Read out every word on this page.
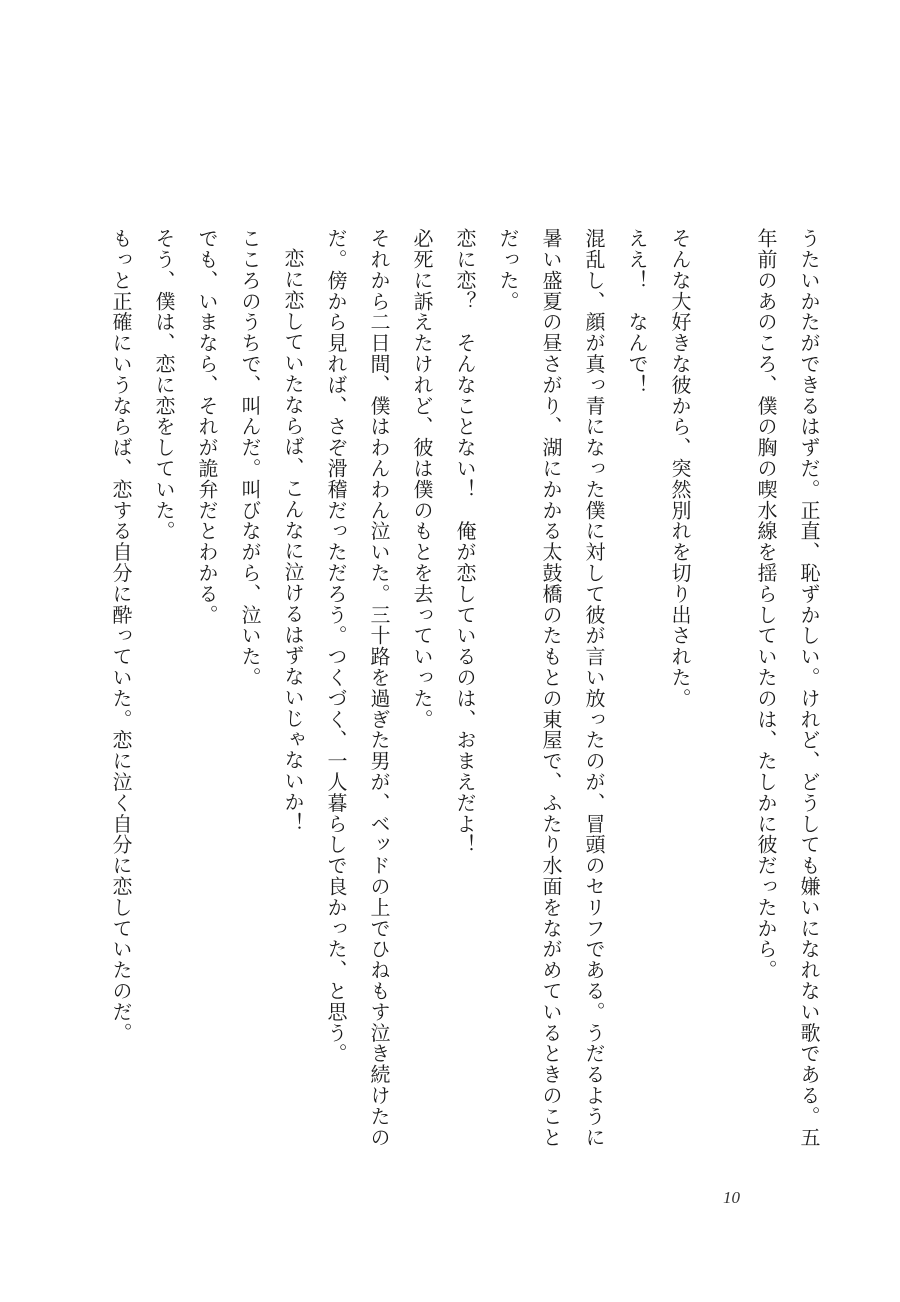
うたいかたができるはずだ。正直、恥ずかしい。けれど、どうしても嫌いになれない歌である。五年前のあのころ、僕の胸の喫水線を揺らしていたのは、たしかに彼だったから。

そんな大好きな彼から、突然別れを切り出された。

ええ！　なんで！

混乱し、顔が真っ青になった僕に対して彼が言い放ったのが、冒頭のセリフである。うだるように暑い盛夏の昼さがり、湖にかかる太鼓橋のたもとの東屋で、ふたり水面をながめているときのことだった。

恋に恋？　そんなことない！　俺が恋しているのは、おまえだよ！

必死に訴えたけれど、彼は僕のもとを去っていった。

それから二日間、僕はわんわん泣いた。三十路を過ぎた男が、ベッドの上でひねもす泣き続けたのだ。傍から見れば、さぞ滑稽だっただろう。つくづく、一人暮らしで良かった、と思う。

恋に恋していたならば、こんなに泣けるはずないじゃないか！

こころのうちで、叫んだ。叫びながら、泣いた。

でも、いまなら、それが詭弁だとわかる。

そう、僕は、恋に恋をしていた。

もっと正確にいうならば、恋する自分に酔っていた。恋に泣く自分に恋していたのだ。

10
